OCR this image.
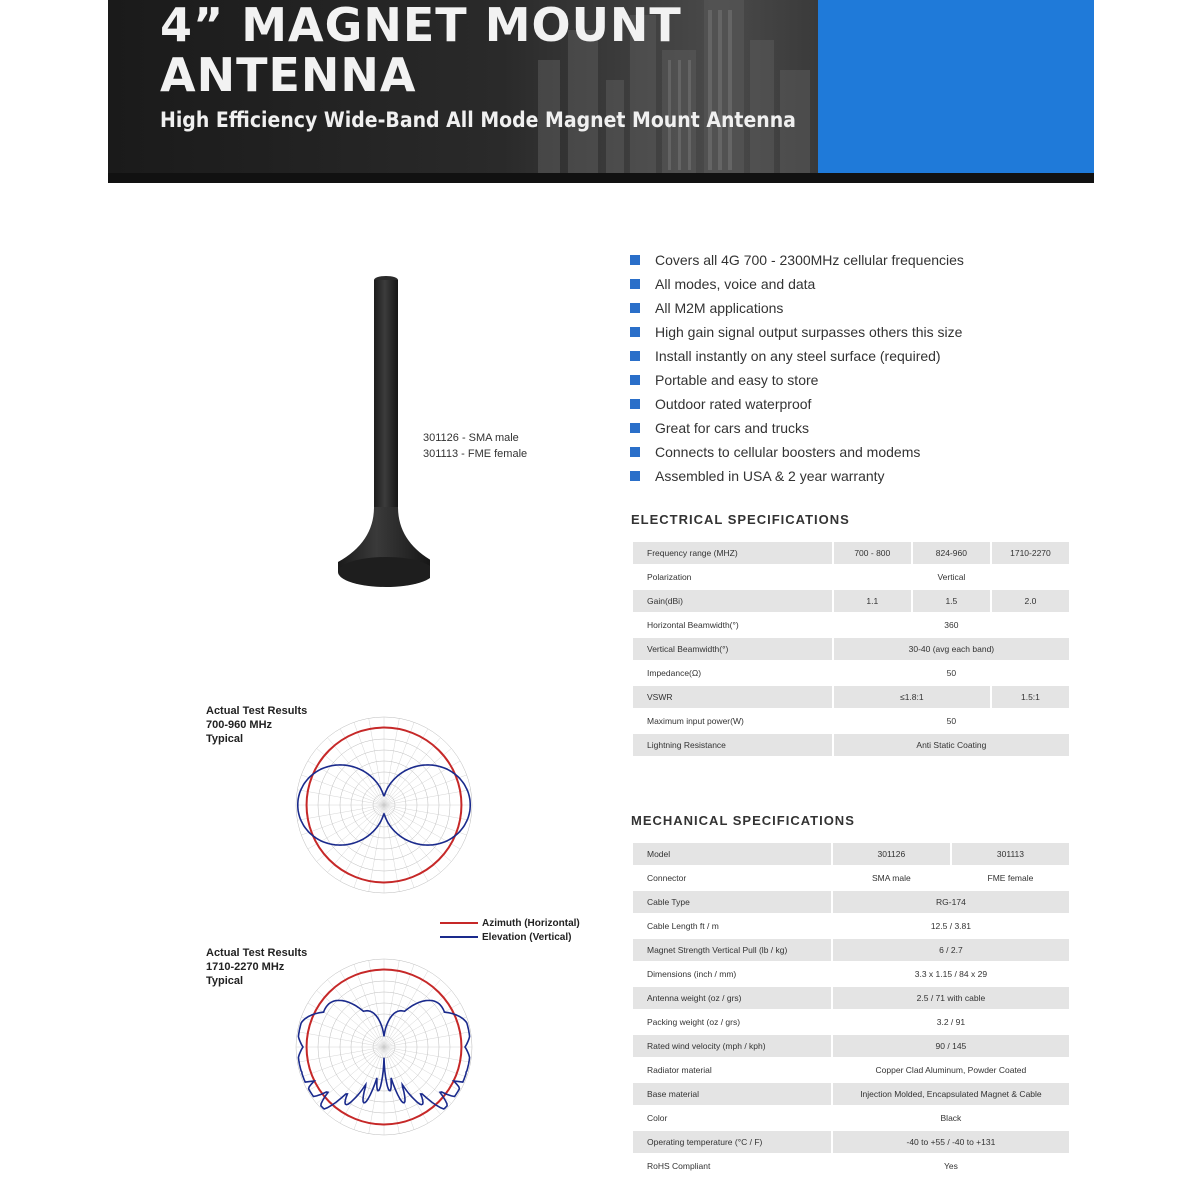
4” MAGNET MOUNT
ANTENNA
High Efficiency Wide-Band All Mode Magnet Mount Antenna
301126 - SMA male
301113 - FME female
Covers all 4G 700 - 2300MHz cellular frequencies
All modes, voice and data
All M2M applications
High gain signal output surpasses others this size
Install instantly on any steel surface (required)
Portable and easy to store
Outdoor rated waterproof
Great for cars and trucks
Connects to cellular boosters and modems
Assembled in USA & 2 year warranty
ELECTRICAL SPECIFICATIONS
Frequency range (MHZ)	700 - 800	824-960	1710-2270
Polarization	Vertical		
Gain(dBi)	1.1	1.5	2.0
Horizontal Beamwidth(°)	360		
Vertical Beamwidth(°)	30-40 (avg each band)		
Impedance(Ω)	50		
VSWR	≤1.8:1		1.5:1
Maximum input power(W)	50		
Lightning Resistance	Anti Static Coating		
MECHANICAL SPECIFICATIONS
Model	301126	301113
Connector	SMA male	FME female
Cable Type	RG-174	
Cable Length ft / m	12.5 / 3.81	
Magnet Strength Vertical Pull (lb / kg)	6 / 2.7	
Dimensions (inch / mm)	3.3 x 1.15 / 84 x 29	
Antenna weight (oz / grs)	2.5 / 71 with cable	
Packing weight (oz / grs)	3.2 / 91	
Rated wind velocity (mph / kph)	90 / 145	
Radiator material	Copper Clad Aluminum, Powder Coated	
Base material	Injection Molded, Encapsulated Magnet & Cable	
Color	Black	
Operating temperature (°C / F)	-40 to +55 / -40 to +131	
RoHS Compliant	Yes	
Actual Test Results
700-960 MHz
Typical
Actual Test Results
1710-2270 MHz
Typical
Azimuth (Horizontal)
Elevation (Vertical)
